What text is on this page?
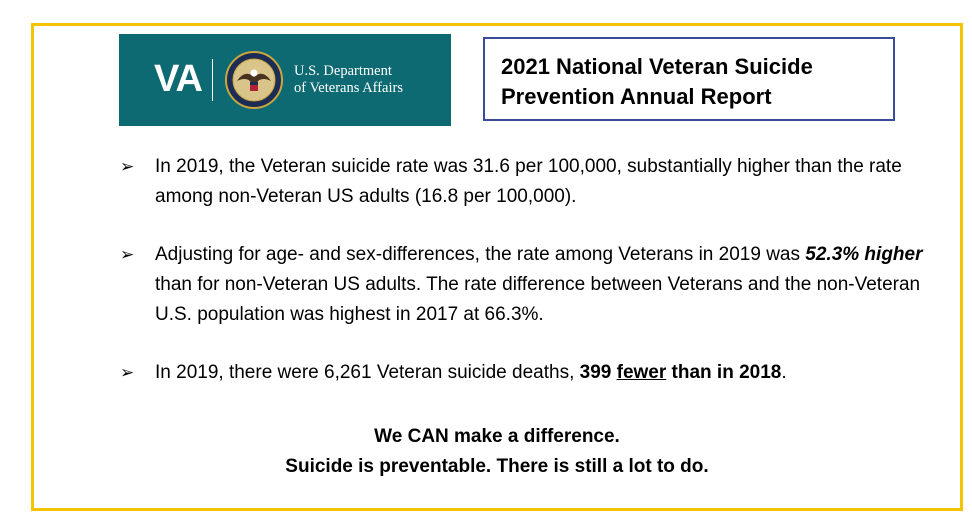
VA	U.S. Department
of Veterans Affairs
2021 National Veteran Suicide
Prevention Annual Report
➢ In 2019, the Veteran suicide rate was 31.6 per 100,000, substantially higher than the rate among non-Veteran US adults (16.8 per 100,000).
➢ Adjusting for age- and sex-differences, the rate among Veterans in 2019 was 52.3% higher than for non-Veteran US adults. The rate difference between Veterans and the non-Veteran U.S. population was highest in 2017 at 66.3%.
➢ In 2019, there were 6,261 Veteran suicide deaths, 399 fewer than in 2018.
We CAN make a difference.
Suicide is preventable. There is still a lot to do.
